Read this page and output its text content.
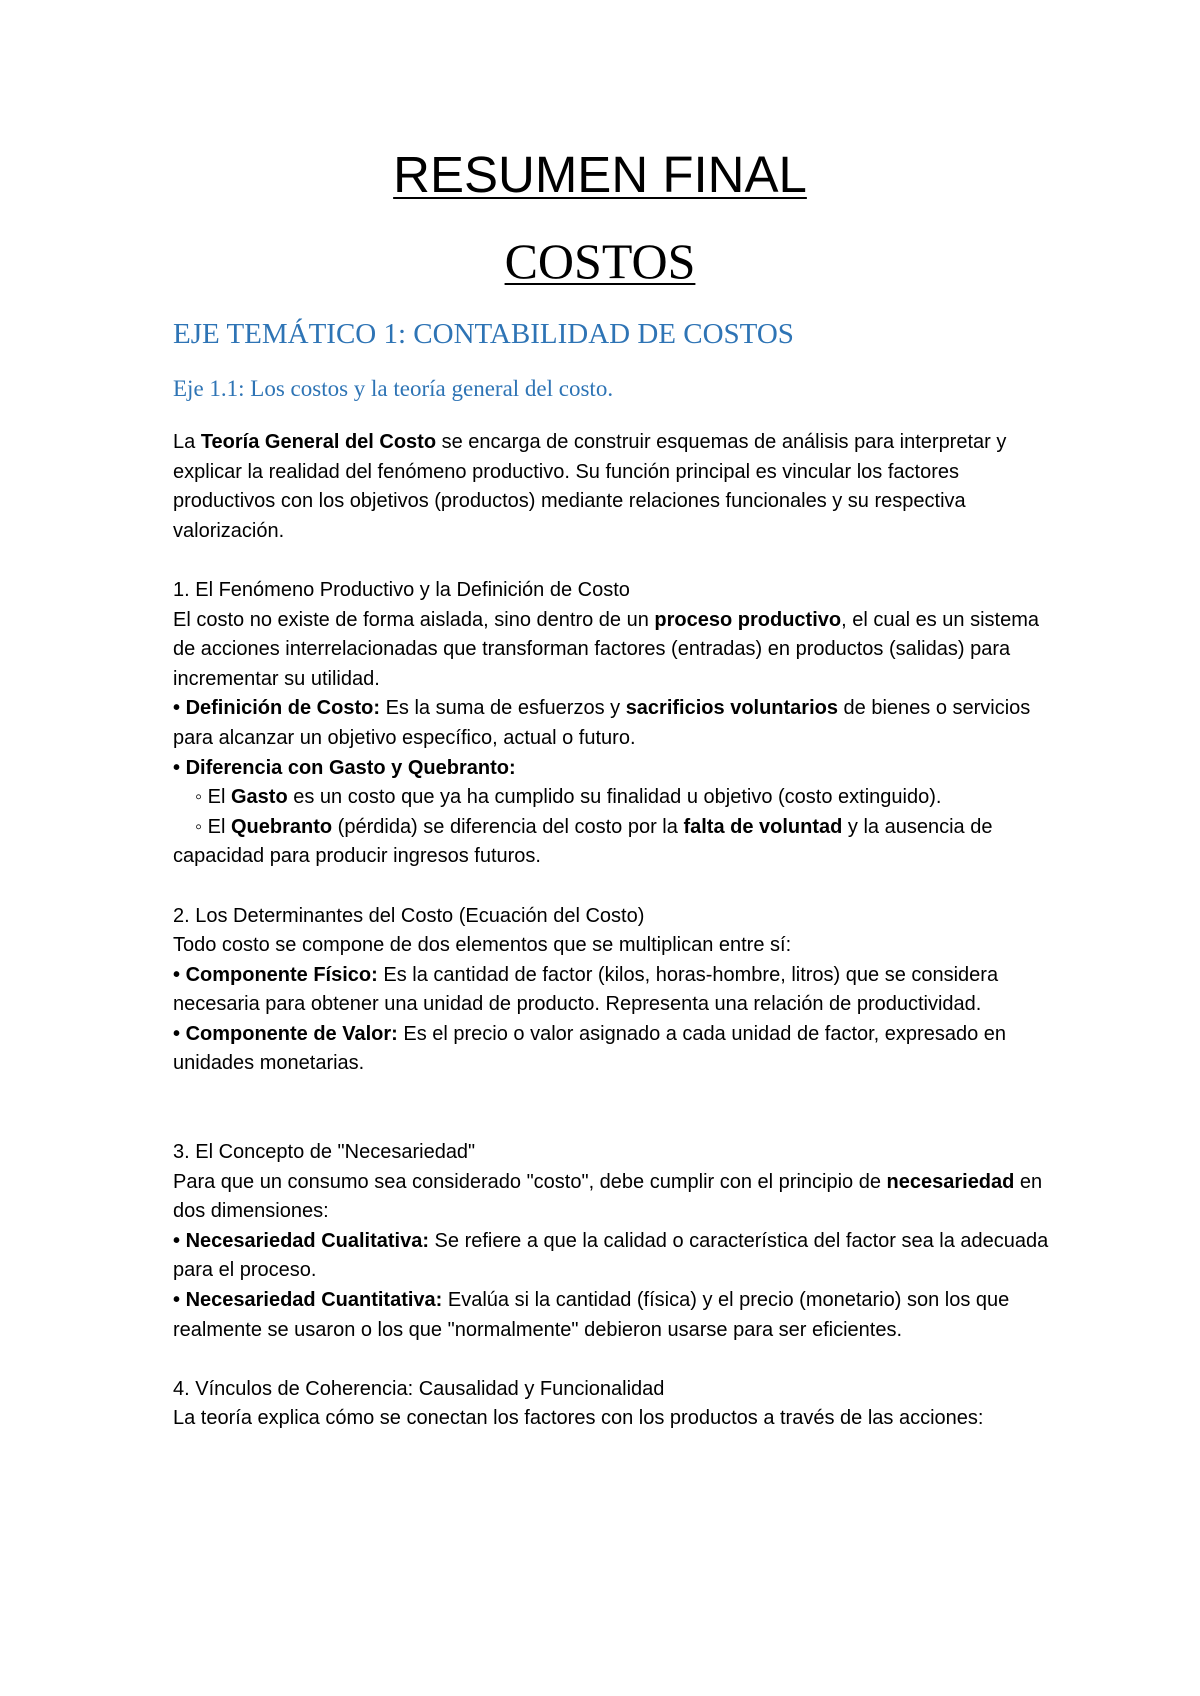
RESUMEN FINAL
COSTOS
EJE TEMÁTICO 1: CONTABILIDAD DE COSTOS
Eje 1.1: Los costos y la teoría general del costo.

La Teoría General del Costo se encarga de construir esquemas de análisis para interpretar y explicar la realidad del fenómeno productivo. Su función principal es vincular los factores productivos con los objetivos (productos) mediante relaciones funcionales y su respectiva valorización.

1. El Fenómeno Productivo y la Definición de Costo

El costo no existe de forma aislada, sino dentro de un proceso productivo, el cual es un sistema de acciones interrelacionadas que transforman factores (entradas) en productos (salidas) para incrementar su utilidad.

• Definición de Costo: Es la suma de esfuerzos y sacrificios voluntarios de bienes o servicios para alcanzar un objetivo específico, actual o futuro.

• Diferencia con Gasto y Quebranto:

◦ El Gasto es un costo que ya ha cumplido su finalidad u objetivo (costo extinguido).

◦ El Quebranto (pérdida) se diferencia del costo por la falta de voluntad y la ausencia de capacidad para producir ingresos futuros.

2. Los Determinantes del Costo (Ecuación del Costo)

Todo costo se compone de dos elementos que se multiplican entre sí:

• Componente Físico: Es la cantidad de factor (kilos, horas-hombre, litros) que se considera necesaria para obtener una unidad de producto. Representa una relación de productividad.

• Componente de Valor: Es el precio o valor asignado a cada unidad de factor, expresado en unidades monetarias.

3. El Concepto de "Necesariedad"

Para que un consumo sea considerado "costo", debe cumplir con el principio de necesariedad en dos dimensiones:

• Necesariedad Cualitativa: Se refiere a que la calidad o característica del factor sea la adecuada para el proceso.

• Necesariedad Cuantitativa: Evalúa si la cantidad (física) y el precio (monetario) son los que realmente se usaron o los que "normalmente" debieron usarse para ser eficientes.

4. Vínculos de Coherencia: Causalidad y Funcionalidad

La teoría explica cómo se conectan los factores con los productos a través de las acciones:
